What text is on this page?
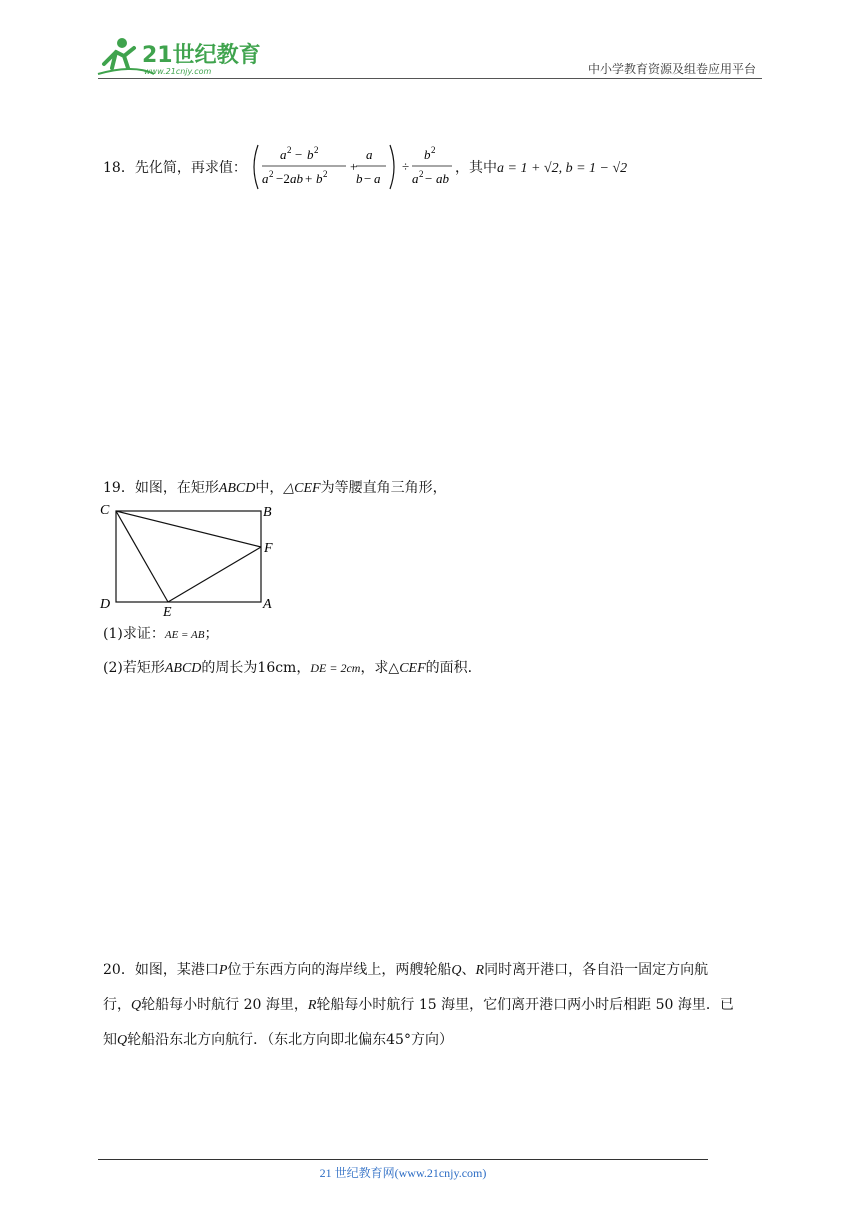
21世纪教育
www.21cnjy.com	中小学教育资源及组卷应用平台
18．先化简，再求值：
a 2 − b 2
a 2 −2 ab + b 2 +
a
b − a
÷
b 2
a 2 − ab
，其中a = 1 + √2, b = 1 − √2
19．如图，在矩形ABCD中，△CEF为等腰直角三角形，
C	B
F
D
E
A
(1)求证：AE = AB；
(2)若矩形ABCD的周长为16cm，DE = 2cm，求△CEF的面积.
20．如图，某港口P位于东西方向的海岸线上，两艘轮船Q、R同时离开港口，各自沿一固定方向航
行，Q轮船每小时航行 20 海里，R轮船每小时航行 15 海里，它们离开港口两小时后相距 50 海里．已
知Q轮船沿东北方向航行．（东北方向即北偏东45°方向）
21 世纪教育网(www.21cnjy.com)
